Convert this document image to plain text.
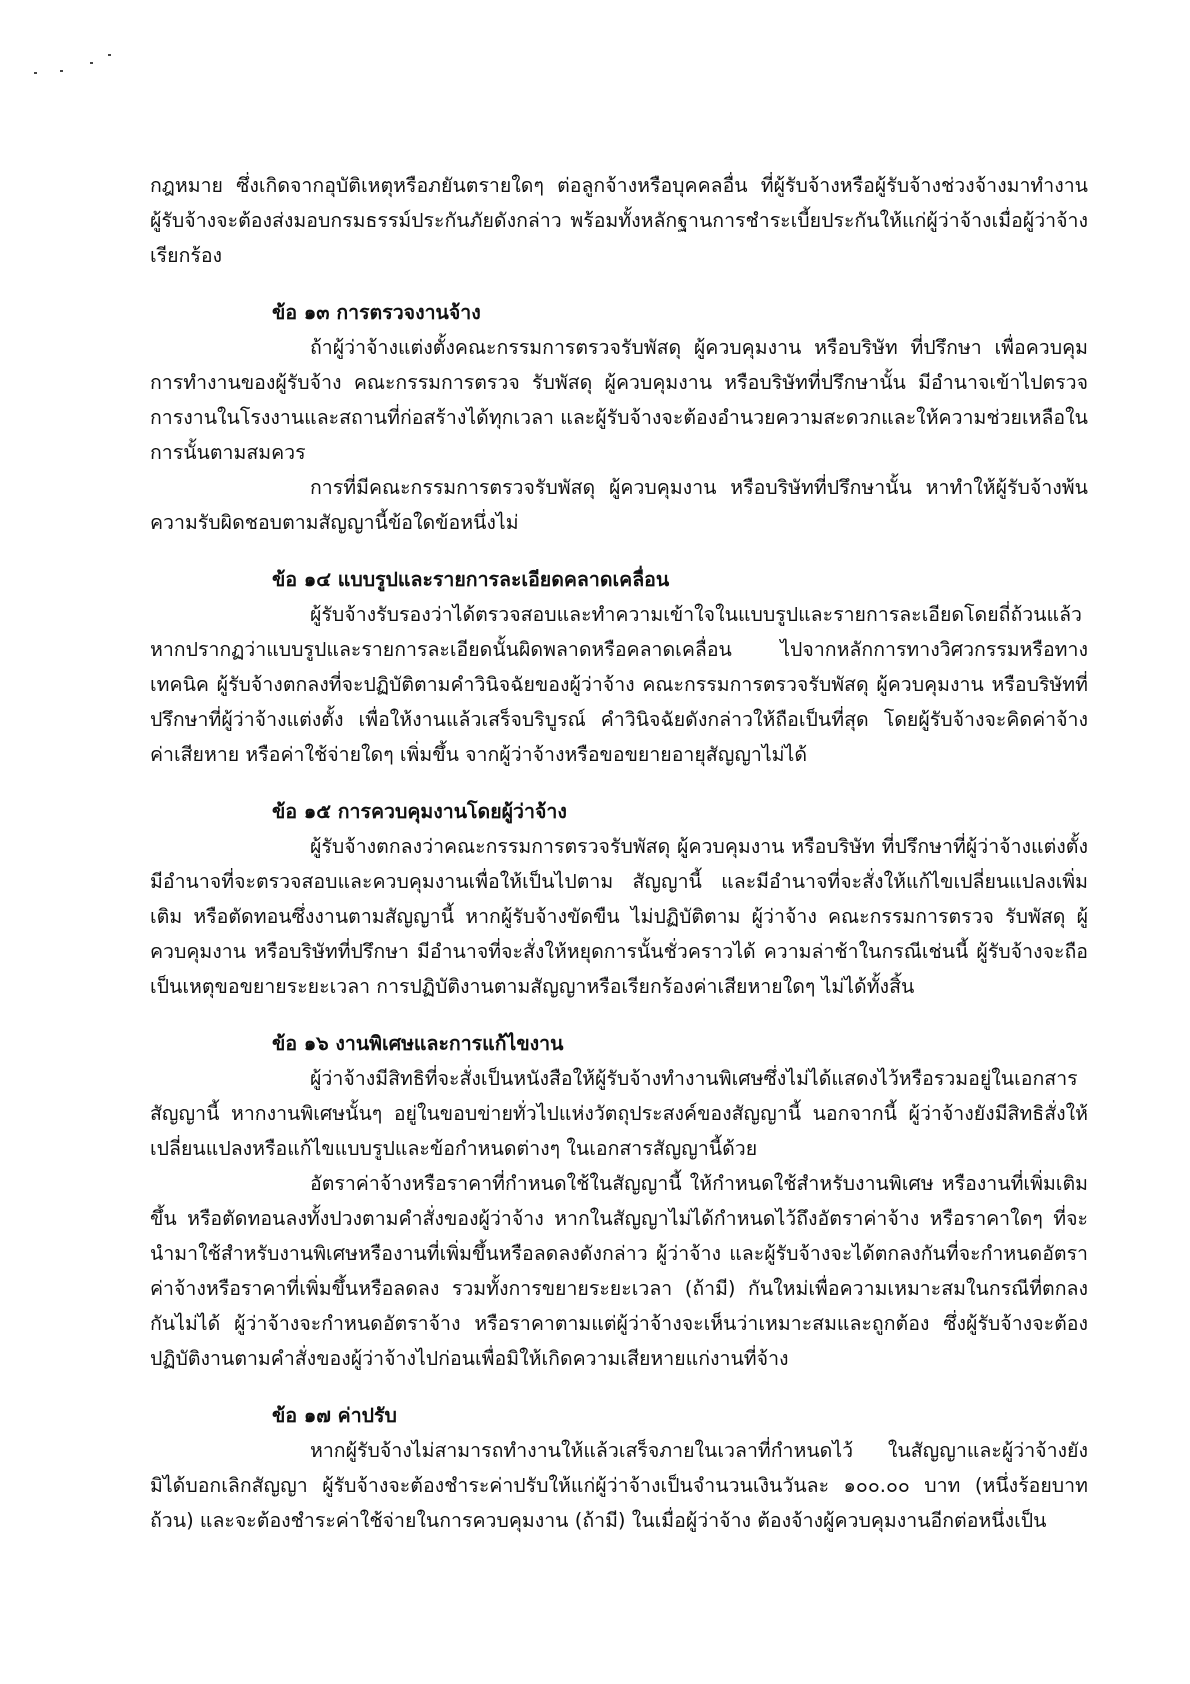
กฎหมาย ซึ่งเกิดจากอุบัติเหตุหรือภยันตรายใดๆ ต่อลูกจ้างหรือบุคคลอื่น ที่ผู้รับจ้างหรือผู้รับจ้างช่วงจ้างมาทำงาน ผู้รับจ้างจะต้องส่งมอบกรมธรรม์ประกันภัยดังกล่าว พร้อมทั้งหลักฐานการชำระเบี้ยประกันให้แก่ผู้ว่าจ้างเมื่อผู้ว่าจ้างเรียกร้อง

ข้อ ๑๓ การตรวจงานจ้าง

ถ้าผู้ว่าจ้างแต่งตั้งคณะกรรมการตรวจรับพัสดุ ผู้ควบคุมงาน หรือบริษัท ที่ปรึกษา เพื่อควบคุมการทำงานของผู้รับจ้าง คณะกรรมการตรวจ รับพัสดุ ผู้ควบคุมงาน หรือบริษัทที่ปรึกษานั้น มีอำนาจเข้าไปตรวจการงานในโรงงานและสถานที่ก่อสร้างได้ทุกเวลา และผู้รับจ้างจะต้องอำนวยความสะดวกและให้ความช่วยเหลือในการนั้นตามสมควร

การที่มีคณะกรรมการตรวจรับพัสดุ ผู้ควบคุมงาน หรือบริษัทที่ปรึกษานั้น หาทำให้ผู้รับจ้างพ้นความรับผิดชอบตามสัญญานี้ข้อใดข้อหนึ่งไม่

ข้อ ๑๔ แบบรูปและรายการละเอียดคลาดเคลื่อน

ผู้รับจ้างรับรองว่าได้ตรวจสอบและทำความเข้าใจในแบบรูปและรายการละเอียดโดยถี่ถ้วนแล้ว หากปรากฏว่าแบบรูปและรายการละเอียดนั้นผิดพลาดหรือคลาดเคลื่อน ไปจากหลักการทางวิศวกรรมหรือทางเทคนิค ผู้รับจ้างตกลงที่จะปฏิบัติตามคำวินิจฉัยของผู้ว่าจ้าง คณะกรรมการตรวจรับพัสดุ ผู้ควบคุมงาน หรือบริษัทที่ปรึกษาที่ผู้ว่าจ้างแต่งตั้ง เพื่อให้งานแล้วเสร็จบริบูรณ์ คำวินิจฉัยดังกล่าวให้ถือเป็นที่สุด โดยผู้รับจ้างจะคิดค่าจ้าง ค่าเสียหาย หรือค่าใช้จ่ายใดๆ เพิ่มขึ้น จากผู้ว่าจ้างหรือขอขยายอายุสัญญาไม่ได้

ข้อ ๑๕ การควบคุมงานโดยผู้ว่าจ้าง

ผู้รับจ้างตกลงว่าคณะกรรมการตรวจรับพัสดุ ผู้ควบคุมงาน หรือบริษัท ที่ปรึกษาที่ผู้ว่าจ้างแต่งตั้ง มีอำนาจที่จะตรวจสอบและควบคุมงานเพื่อให้เป็นไปตาม สัญญานี้ และมีอำนาจที่จะสั่งให้แก้ไขเปลี่ยนแปลงเพิ่มเติม หรือตัดทอนซึ่งงานตามสัญญานี้ หากผู้รับจ้างขัดขืน ไม่ปฏิบัติตาม ผู้ว่าจ้าง คณะกรรมการตรวจ รับพัสดุ ผู้ควบคุมงาน หรือบริษัทที่ปรึกษา มีอำนาจที่จะสั่งให้หยุดการนั้นชั่วคราวได้ ความล่าช้าในกรณีเช่นนี้ ผู้รับจ้างจะถือเป็นเหตุขอขยายระยะเวลา การปฏิบัติงานตามสัญญาหรือเรียกร้องค่าเสียหายใดๆ ไม่ได้ทั้งสิ้น

ข้อ ๑๖ งานพิเศษและการแก้ไขงาน

ผู้ว่าจ้างมีสิทธิที่จะสั่งเป็นหนังสือให้ผู้รับจ้างทำงานพิเศษซึ่งไม่ได้แสดงไว้หรือรวมอยู่ในเอกสารสัญญานี้ หากงานพิเศษนั้นๆ อยู่ในขอบข่ายทั่วไปแห่งวัตถุประสงค์ของสัญญานี้ นอกจากนี้ ผู้ว่าจ้างยังมีสิทธิสั่งให้เปลี่ยนแปลงหรือแก้ไขแบบรูปและข้อกำหนดต่างๆ ในเอกสารสัญญานี้ด้วย

อัตราค่าจ้างหรือราคาที่กำหนดใช้ในสัญญานี้ ให้กำหนดใช้สำหรับงานพิเศษ หรืองานที่เพิ่มเติมขึ้น หรือตัดทอนลงทั้งปวงตามคำสั่งของผู้ว่าจ้าง หากในสัญญาไม่ได้กำหนดไว้ถึงอัตราค่าจ้าง หรือราคาใดๆ ที่จะนำมาใช้สำหรับงานพิเศษหรืองานที่เพิ่มขึ้นหรือลดลงดังกล่าว ผู้ว่าจ้าง และผู้รับจ้างจะได้ตกลงกันที่จะกำหนดอัตราค่าจ้างหรือราคาที่เพิ่มขึ้นหรือลดลง รวมทั้งการขยายระยะเวลา (ถ้ามี) กันใหม่เพื่อความเหมาะสมในกรณีที่ตกลงกันไม่ได้ ผู้ว่าจ้างจะกำหนดอัตราจ้าง หรือราคาตามแต่ผู้ว่าจ้างจะเห็นว่าเหมาะสมและถูกต้อง ซึ่งผู้รับจ้างจะต้องปฏิบัติงานตามคำสั่งของผู้ว่าจ้างไปก่อนเพื่อมิให้เกิดความเสียหายแก่งานที่จ้าง

ข้อ ๑๗ ค่าปรับ

หากผู้รับจ้างไม่สามารถทำงานให้แล้วเสร็จภายในเวลาที่กำหนดไว้ ในสัญญาและผู้ว่าจ้างยังมิได้บอกเลิกสัญญา ผู้รับจ้างจะต้องชำระค่าปรับให้แก่ผู้ว่าจ้างเป็นจำนวนเงินวันละ ๑๐๐.๐๐ บาท (หนึ่งร้อยบาทถ้วน) และจะต้องชำระค่าใช้จ่ายในการควบคุมงาน (ถ้ามี) ในเมื่อผู้ว่าจ้าง ต้องจ้างผู้ควบคุมงานอีกต่อหนึ่งเป็น
